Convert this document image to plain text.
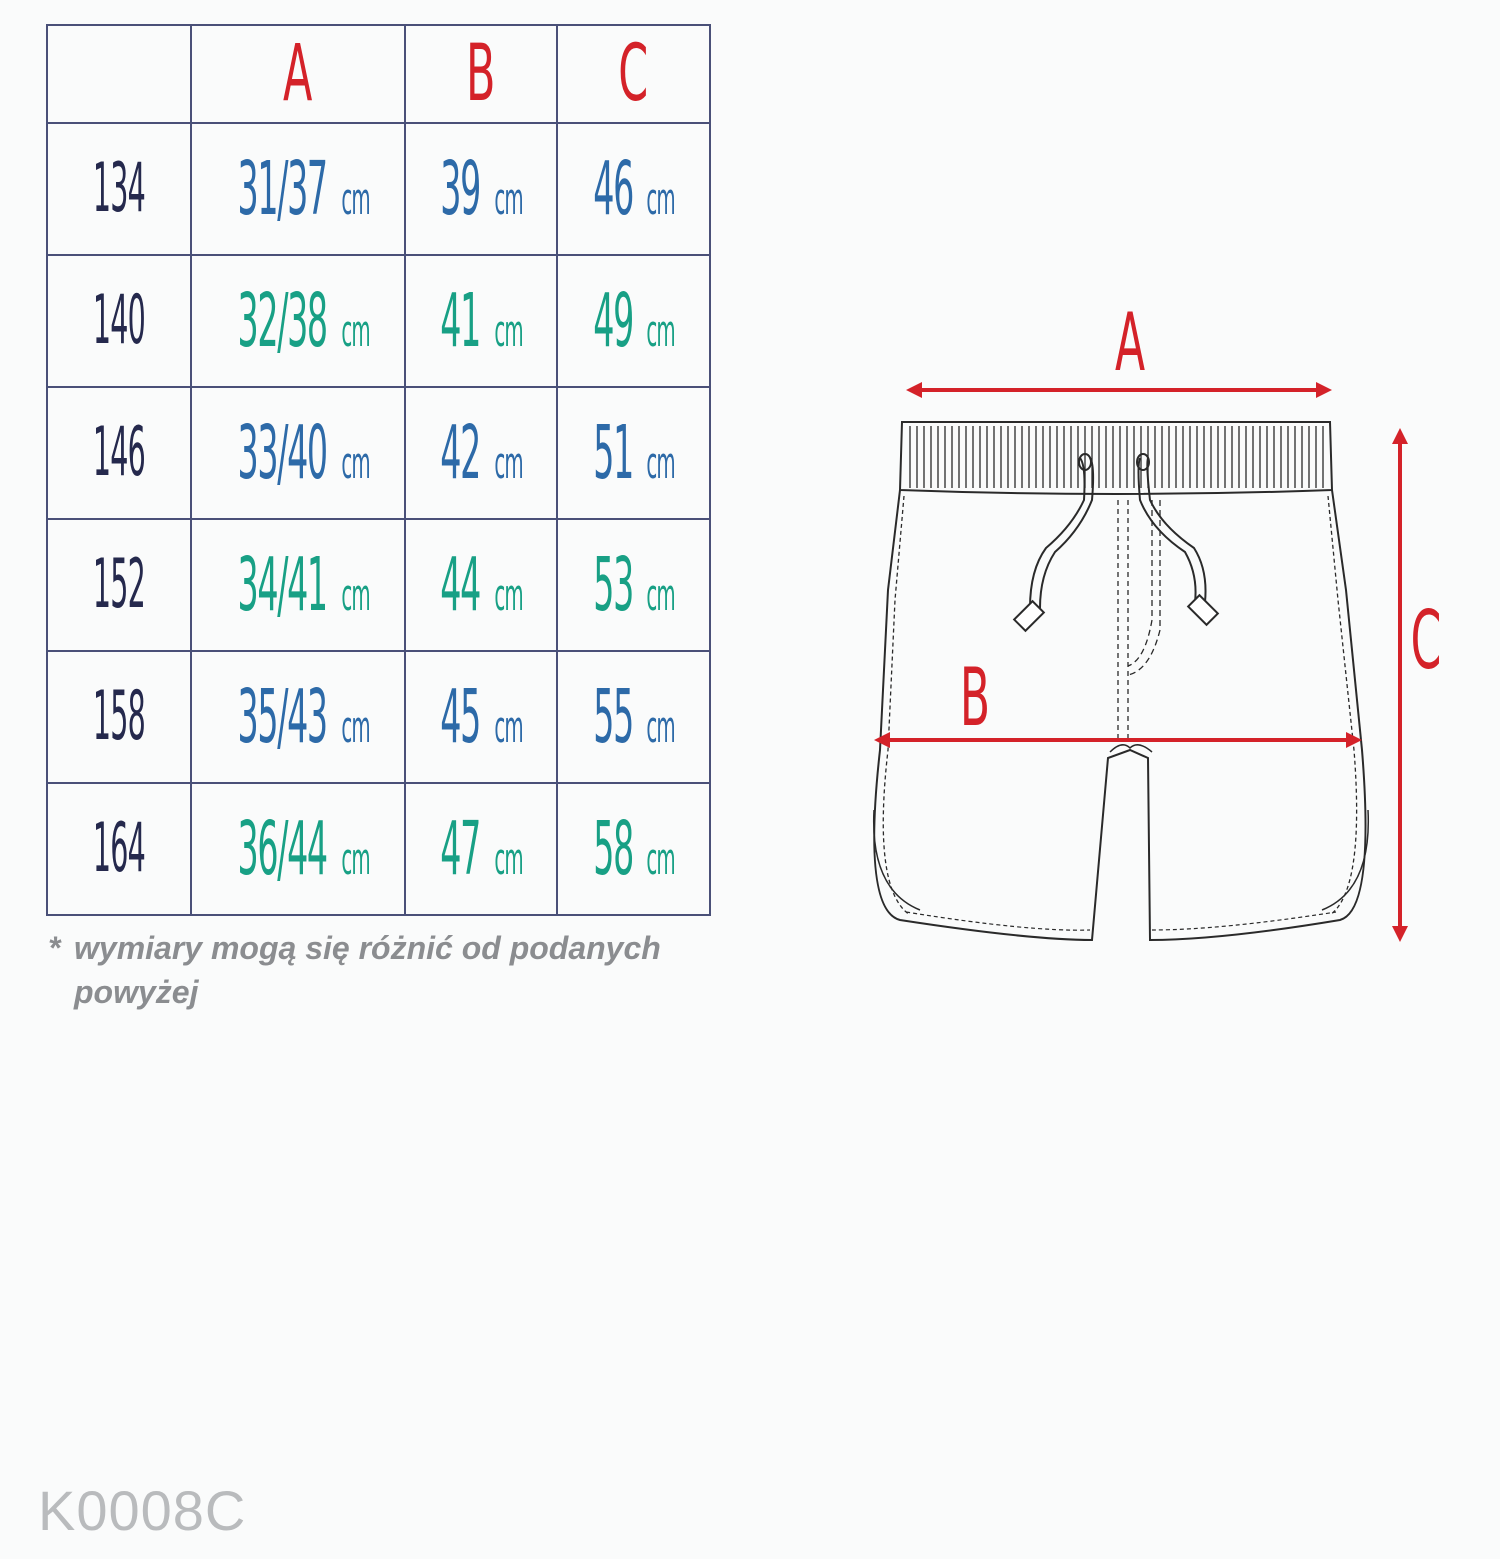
	A	B	C
134	31/37 cm	39 cm	46 cm

140	32/38 cm	41 cm	49 cm

146	33/40 cm	42 cm	51 cm

152	34/41 cm	44 cm	53 cm

158	35/43 cm	45 cm	55 cm

164	36/44 cm	47 cm	58 cm
* wymiary mogą się różnić od podanych
powyżej
K0008C
A
B
C
